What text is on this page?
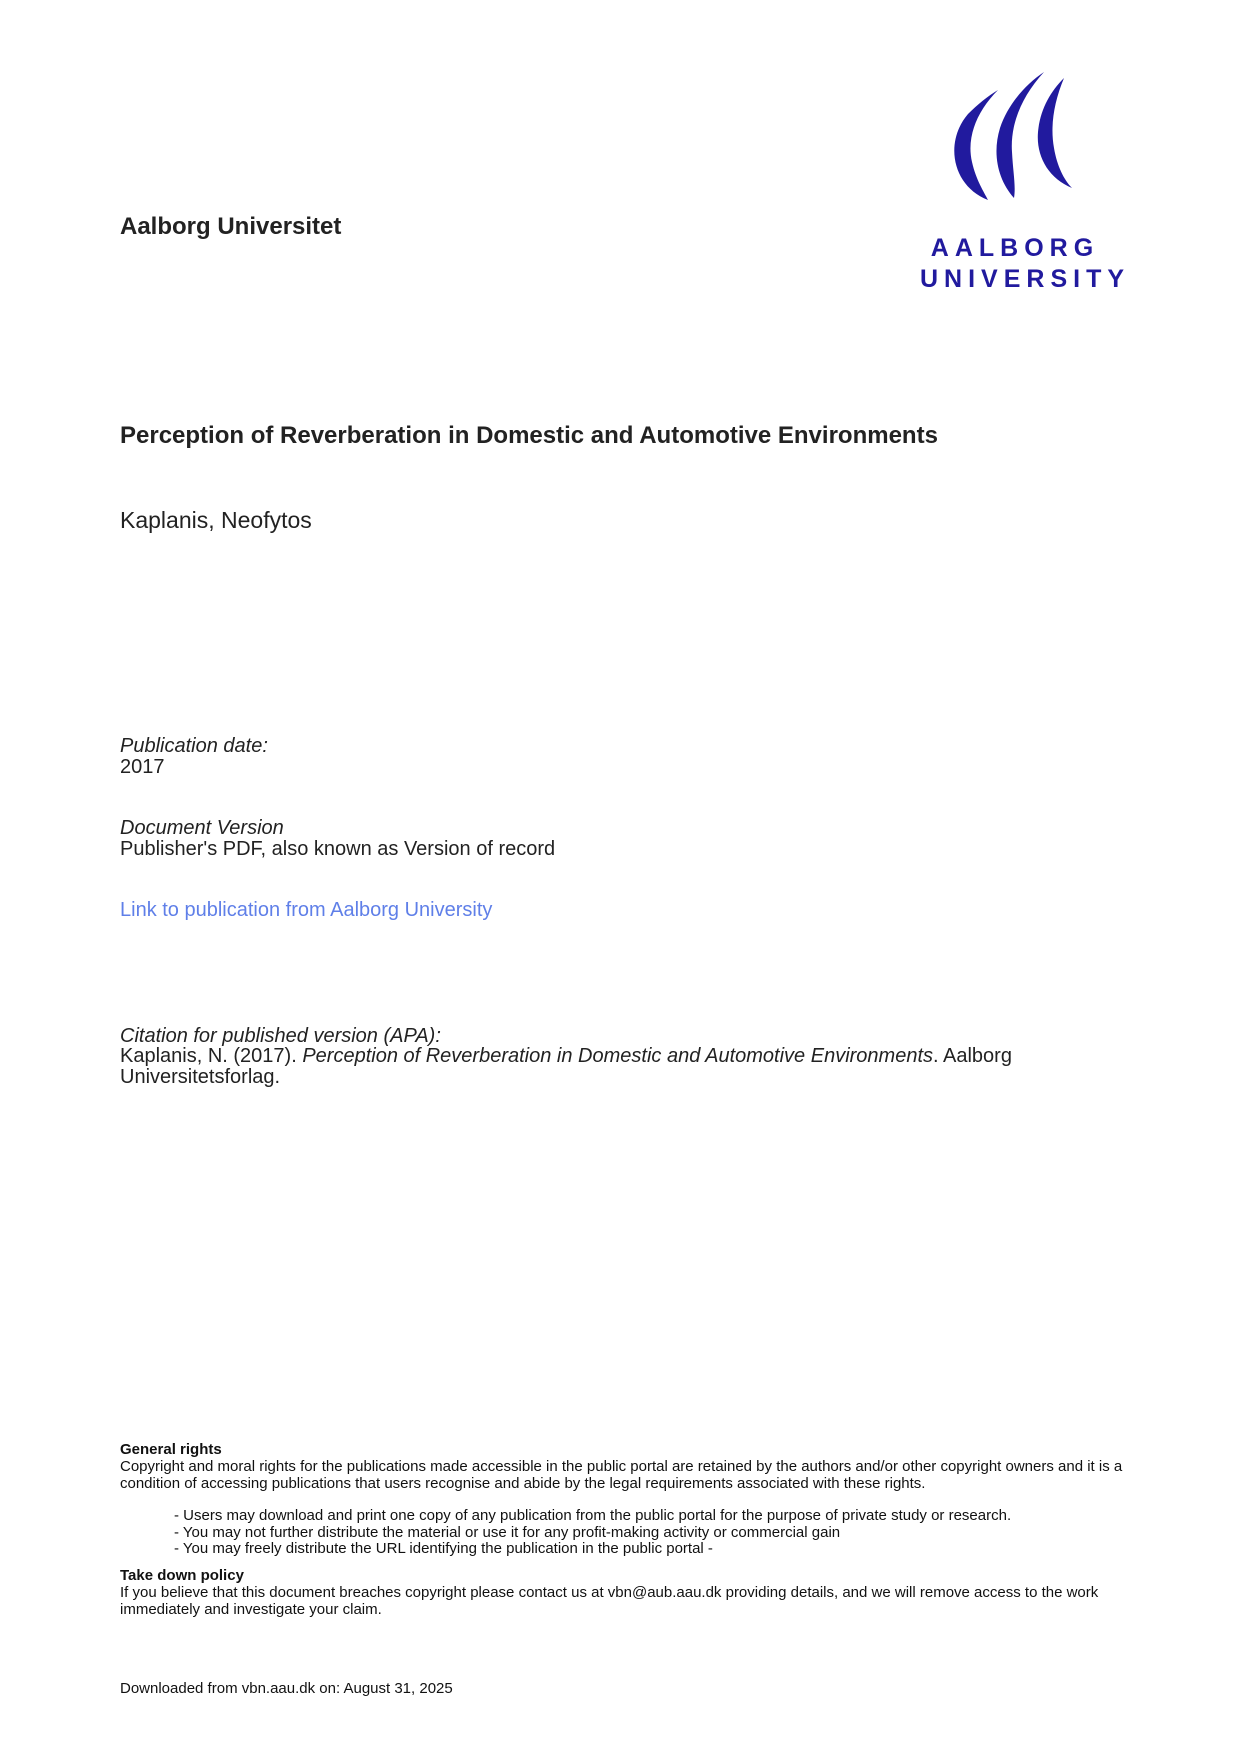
Aalborg Universitet
AALBORG
UNIVERSITY
Perception of Reverberation in Domestic and Automotive Environments
Kaplanis, Neofytos
Publication date:
2017
Document Version
Publisher's PDF, also known as Version of record
Link to publication from Aalborg University
Citation for published version (APA):
Kaplanis, N. (2017). Perception of Reverberation in Domestic and Automotive Environments. Aalborg Universitetsforlag.
General rights
Copyright and moral rights for the publications made accessible in the public portal are retained by the authors and/or other copyright owners and it is a condition of accessing publications that users recognise and abide by the legal requirements associated with these rights.
- Users may download and print one copy of any publication from the public portal for the purpose of private study or research.
- You may not further distribute the material or use it for any profit-making activity or commercial gain
- You may freely distribute the URL identifying the publication in the public portal -
Take down policy
If you believe that this document breaches copyright please contact us at vbn@aub.aau.dk providing details, and we will remove access to the work immediately and investigate your claim.
Downloaded from vbn.aau.dk on: August 31, 2025
